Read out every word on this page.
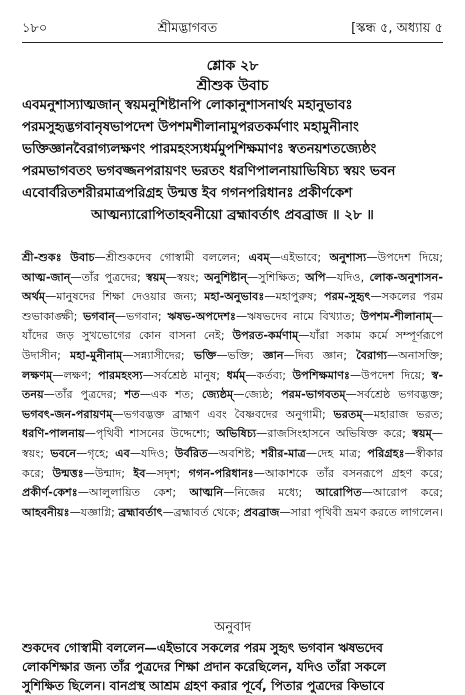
১৮০	শ্রীমদ্ভাগবত	[স্কন্ধ ৫, অধ্যায় ৫
শ্লোক ২৮
শ্রীশুক উবাচ
এবমনুশাস্যাত্মজান্ স্বয়মনুশিষ্টানপি লোকানুশাসনার্থং মহানুভাবঃ
পরমসুহৃদ্ভগবানৃষভাপদেশ উপশমশীলানামুপরতকর্মণাং মহামুনীনাং
ভক্তিজ্ঞানবৈরাগ্যলক্ষণং পারমহংস্যধর্মমুপশিক্ষমাণঃ স্বতনয়শতজ্যেষ্ঠং
পরমভাগবতং ভগবজ্জনপরায়ণং ভরতং ধরণিপালনায়াভিষিচ্য স্বয়ং ভবন
এবোর্বরিতশরীরমাত্রপরিগ্রহ উন্মত্ত ইব গগনপরিধানঃ প্রকীর্ণকেশ
আত্মন্যারোপিতাহবনীয়ো ব্রহ্মাবর্তাৎ প্রবব্রাজ ॥ ২৮ ॥
শ্রী-শুকঃ উবাচ—শ্রীশুকদেব গোস্বামী বললেন; এবম্—এইভাবে; অনুশাস্য—উপদেশ দিয়ে; আত্ম-জান্—তাঁর পুত্রদের; স্বয়ম্—স্বয়ং; অনুশিষ্টান্—সুশিক্ষিত; অপি—যদিও, লোক-অনুশাসন-অর্থম্—মানুষদের শিক্ষা দেওয়ার জন্য; মহা-অনুভাবঃ—মহাপুরুষ; পরম-সুহৃৎ—সকলের পরম শুভাকাঙ্ক্ষী; ভগবান্—ভগবান; ঋষভ-অপদেশঃ—ঋষভদেব নামে বিখ্যাত; উপশম-শীলানাম্—যাঁদের জড় সুখভোগের কোন বাসনা নেই; উপরত-কর্মণাম্—যাঁরা সকাম কর্মে সম্পূর্ণরূপে উদাসীন; মহা-মুনীনাম্—সন্ন্যাসীদের; ভক্তি—ভক্তি; জ্ঞান—দিব্য জ্ঞান; বৈরাগ্য—অনাসক্তি; লক্ষণম্—লক্ষণ; পারমহংস্য—সর্বশ্রেষ্ঠ মানুষ; ধর্মম্—কর্তব্য; উপশিক্ষমাণঃ—উপদেশ দিয়ে; স্ব-তনয়—তাঁর পুত্রদের; শত—এক শত; জ্যেষ্ঠম্—জ্যেষ্ঠ; পরম-ভাগবতম্—সর্বশ্রেষ্ঠ ভগবদ্ভক্ত; ভগবৎ-জন-পরায়ণম্—ভগবদ্ভক্ত ব্রাহ্মণ এবং বৈষ্ণবদের অনুগামী; ভরতম্—মহারাজ ভরত; ধরণি-পালনায়—পৃথিবী শাসনের উদ্দেশ্যে; অভিষিচ্য—রাজসিংহাসনে অভিষিক্ত করে; স্বয়ম্—স্বয়ং; ভবনে—গৃহে; এব—যদিও; উর্বরিত—অবশিষ্ট; শরীর-মাত্র—দেহ মাত্র; পরিগ্রহঃ—স্বীকার করে; উন্মত্তঃ—উন্মাদ; ইব—সদৃশ; গগন-পরিধানঃ—আকাশকে তাঁর বসনরূপে গ্রহণ করে; প্রকীর্ণ-কেশঃ—আলুলায়িত কেশ; আত্মনি—নিজের মধ্যে; আরোপিত—আরোপ করে; আহবনীয়ঃ—যজ্ঞাগ্নি; ব্রহ্মাবর্তাৎ—ব্রহ্মাবর্ত থেকে; প্রবব্রাজ—সারা পৃথিবী ভ্রমণ করতে লাগলেন।
অনুবাদ
শুকদেব গোস্বামী বললেন—এইভাবে সকলের পরম সুহৃৎ ভগবান ঋষভদেব
লোকশিক্ষার জন্য তাঁর পুত্রদের শিক্ষা প্রদান করেছিলেন, যদিও তাঁরা সকলে
সুশিক্ষিত ছিলেন। বানপ্রস্থ আশ্রম গ্রহণ করার পূর্বে, পিতার পুত্রদের কিভাবে
